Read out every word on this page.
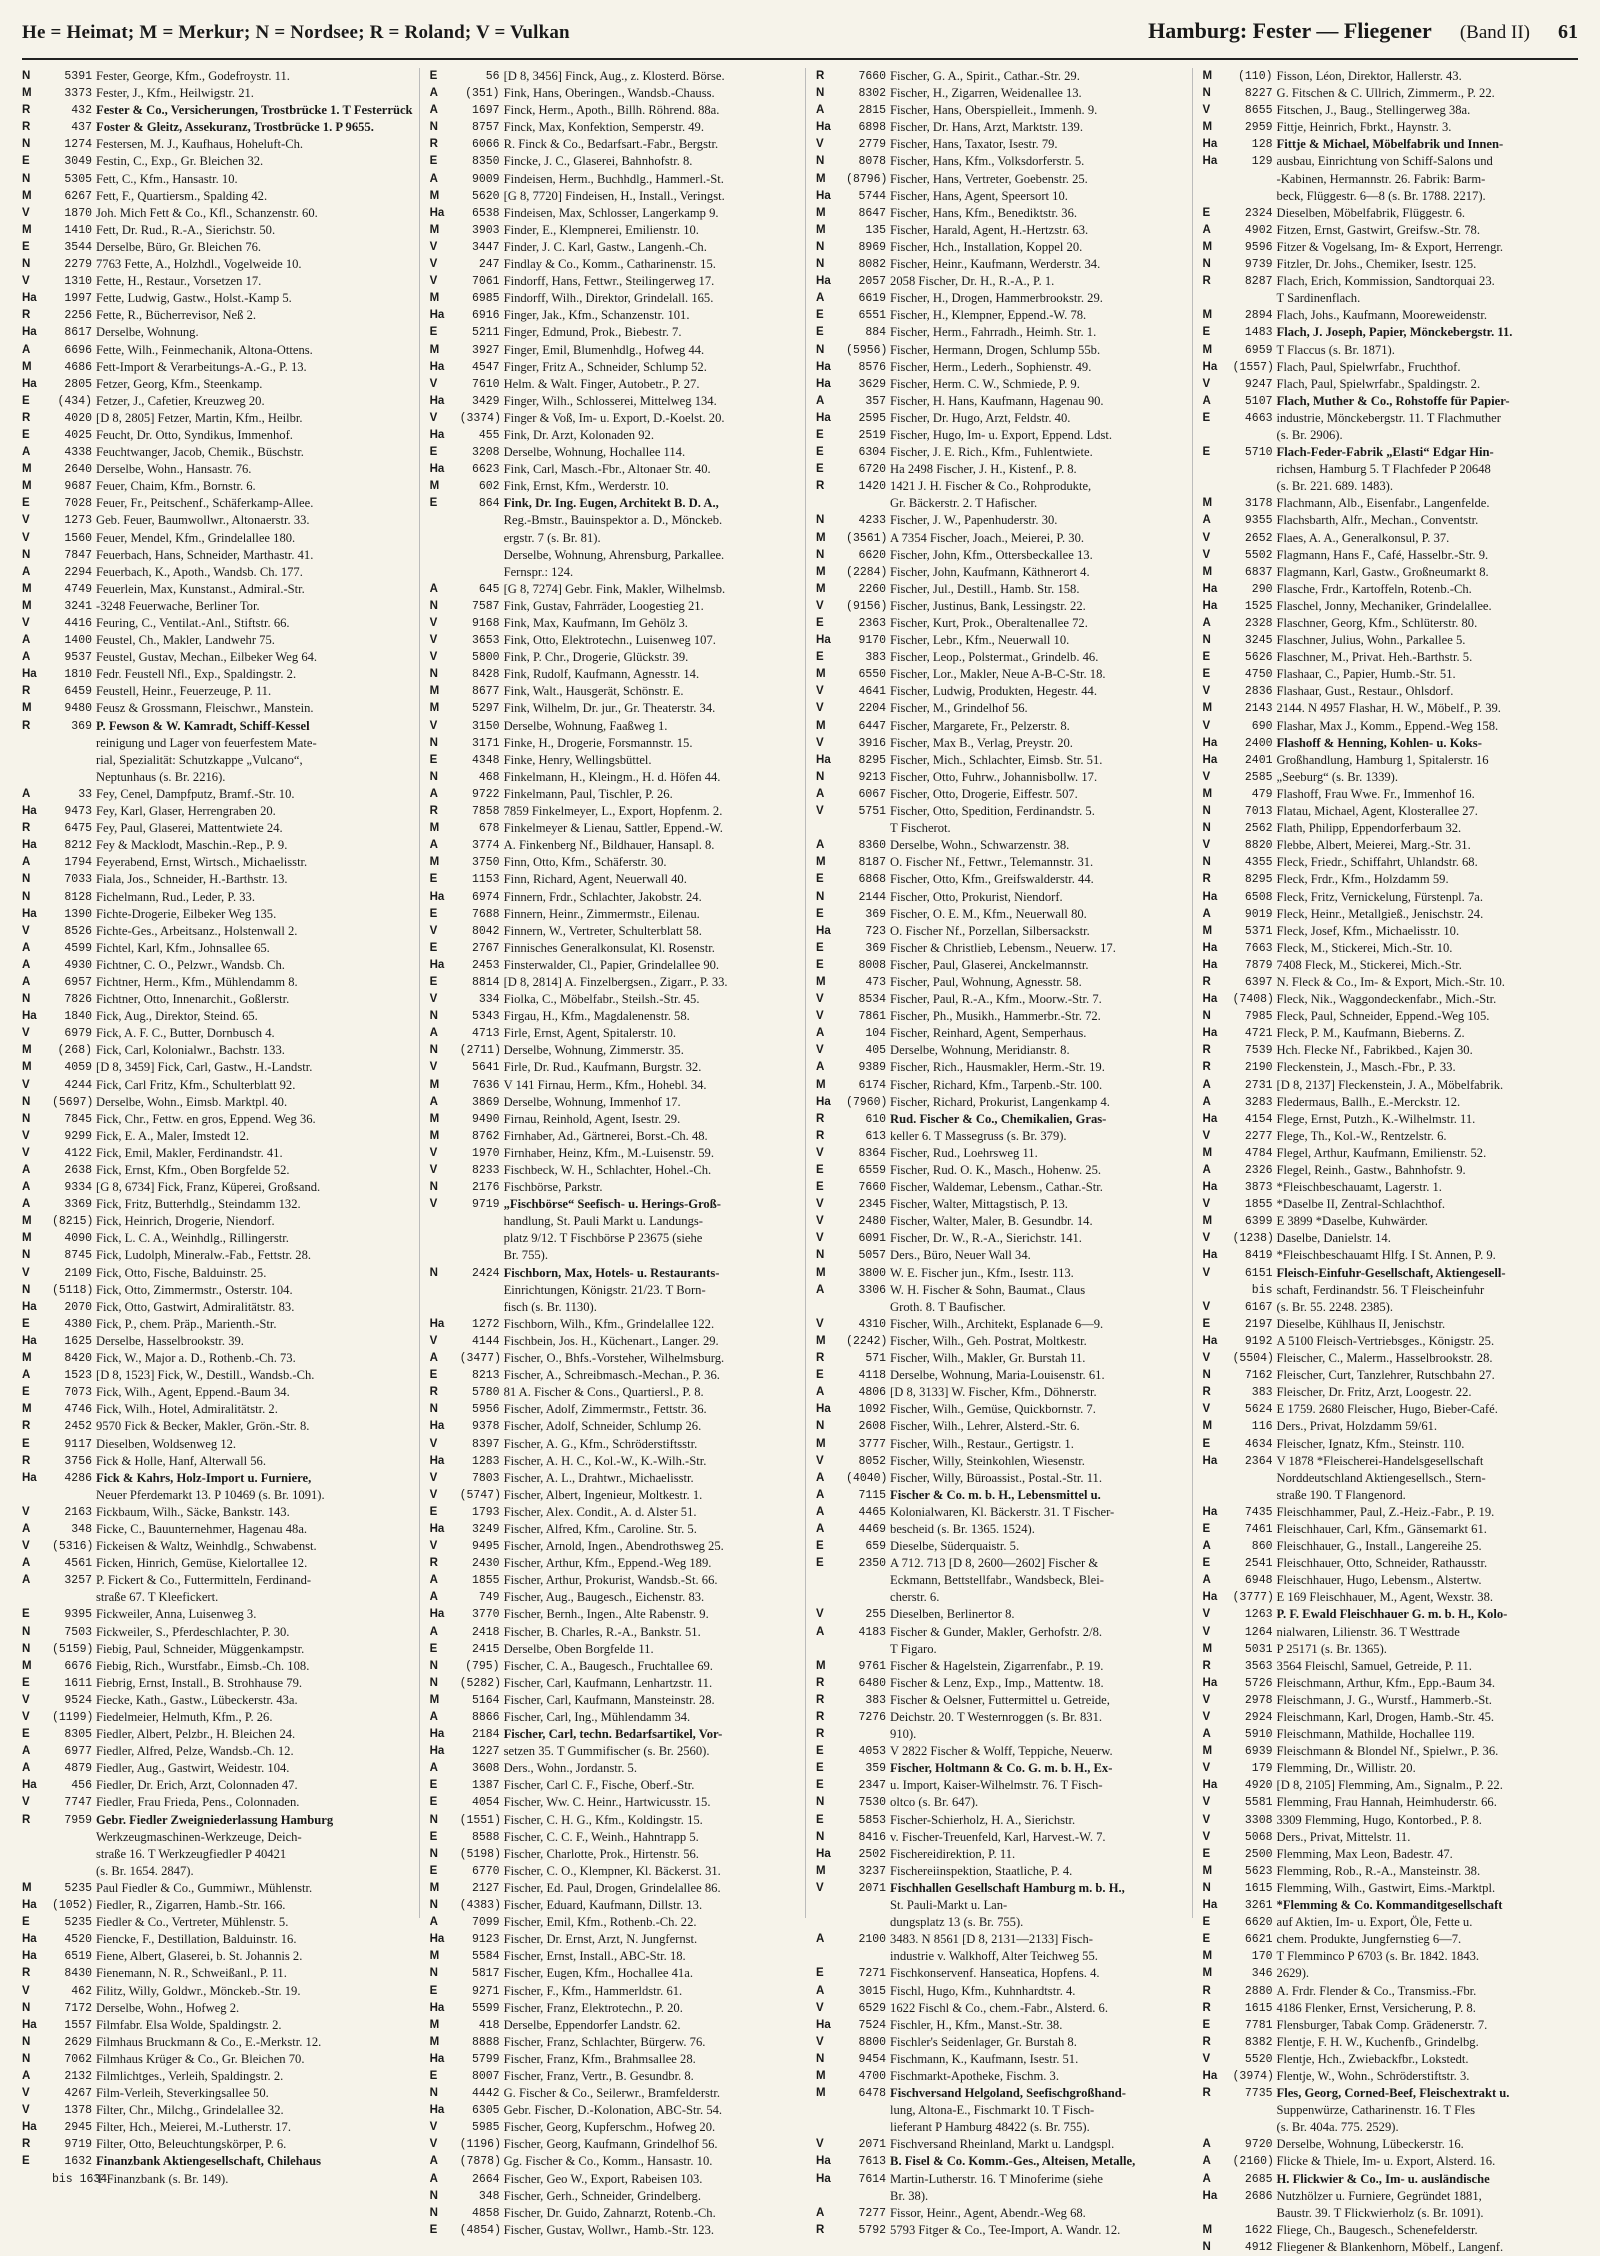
He = Heimat; M = Merkur; N = Nordsee; R = Roland; V = Vulkan	Hamburg: Fester — Fliegener (Band II) 61
N	5391 Fester, George, Kfm., Godefroystr. 11.
M	3373 Fester, J., Kfm., Heilwigstr. 21.
R	432 Fester & Co., Versicherungen, Trostbrücke 1. T Festerrück
R	437 Foster & Gleitz, Assekuranz, Trostbrücke 1. P 9655.
N	1274 Festersen, M. J., Kaufhaus, Hoheluft-Ch.
E	3049 Festin, C., Exp., Gr. Bleichen 32.
N	5305 Fett, C., Kfm., Hansastr. 10.
M	6267 Fett, F., Quartiersm., Spalding 42.
V	1870 Joh. Mich Fett & Co., Kfl., Schanzenstr. 60.
M	1410 Fett, Dr. Rud., R.-A., Sierichstr. 50.
E	3544 Derselbe, Büro, Gr. Bleichen 76.
N	2279 7763 Fette, A., Holzhdl., Vogelweide 10.
V	1310 Fette, H., Restaur., Vorsetzen 17.
Ha	1997 Fette, Ludwig, Gastw., Holst.-Kamp 5.
R	2256 Fette, R., Bücherrevisor, Neß 2.
Ha	8617 Derselbe, Wohnung.
A	6696 Fette, Wilh., Feinmechanik, Altona-Ottens.
M	4686 Fett-Import & Verarbeitungs-A.-G., P. 13.
Ha	2805 Fetzer, Georg, Kfm., Steenkamp.
E	(434) Fetzer, J., Cafetier, Kreuzweg 20.
R	4020 [D 8, 2805] Fetzer, Martin, Kfm., Heilbr.
E	4025 Feucht, Dr. Otto, Syndikus, Immenhof.
A	4338 Feuchtwanger, Jacob, Chemik., Büschstr.
M	2640 Derselbe, Wohn., Hansastr. 76.
M	9687 Feuer, Chaim, Kfm., Bornstr. 6.
E	7028 Feuer, Fr., Peitschenf., Schäferkamp-Allee.
V	1273 Geb. Feuer, Baumwollwr., Altonaerstr. 33.
V	1560 Feuer, Mendel, Kfm., Grindelallee 180.
N	7847 Feuerbach, Hans, Schneider, Marthastr. 41.
A	2294 Feuerbach, K., Apoth., Wandsb. Ch. 177.
M	4749 Feuerlein, Max, Kunstanst., Admiral.-Str.
M	3241 -3248 Feuerwache, Berliner Tor.
V	4416 Feuring, C., Ventilat.-Anl., Stiftstr. 66.
A	1400 Feustel, Ch., Makler, Landwehr 75.
A	9537 Feustel, Gustav, Mechan., Eilbeker Weg 64.
Ha	1810 Fedr. Feustell Nfl., Exp., Spaldingstr. 2.
R	6459 Feustell, Heinr., Feuerzeuge, P. 11.
M	9480 Feusz & Grossmann, Fleischwr., Manstein.
R	369 P. Fewson & W. Kamradt, Schiff-Kessel
reinigung und Lager von feuerfestem Mate-
rial, Spezialität: Schutzkappe „Vulcano“,
Neptunhaus (s. Br. 2216).
A	33 Fey, Cenel, Dampfputz, Bramf.-Str. 10.
Ha	9473 Fey, Karl, Glaser, Herrengraben 20.
R	6475 Fey, Paul, Glaserei, Mattentwiete 24.
Ha	8212 Fey & Macklodt, Maschin.-Rep., P. 9.
A	1794 Feyerabend, Ernst, Wirtsch., Michaelisstr.
N	7033 Fiala, Jos., Schneider, H.-Barthstr. 13.
N	8128 Fichelmann, Rud., Leder, P. 33.
Ha	1390 Fichte-Drogerie, Eilbeker Weg 135.
V	8526 Fichte-Ges., Arbeitsanz., Holstenwall 2.
A	4599 Fichtel, Karl, Kfm., Johnsallee 65.
A	4930 Fichtner, C. O., Pelzwr., Wandsb. Ch.
A	6957 Fichtner, Herm., Kfm., Mühlendamm 8.
N	7826 Fichtner, Otto, Innenarchit., Goßlerstr.
Ha	1840 Fick, Aug., Direktor, Steind. 65.
V	6979 Fick, A. F. C., Butter, Dornbusch 4.
M	(268) Fick, Carl, Kolonialwr., Bachstr. 133.
M	4059 [D 8, 3459] Fick, Carl, Gastw., H.-Landstr.
V	4244 Fick, Carl Fritz, Kfm., Schulterblatt 92.
N	(5697) Derselbe, Wohn., Eimsb. Marktpl. 40.
N	7845 Fick, Chr., Fettw. en gros, Eppend. Weg 36.
V	9299 Fick, E. A., Maler, Imstedt 12.
V	4122 Fick, Emil, Makler, Ferdinandstr. 41.
A	2638 Fick, Ernst, Kfm., Oben Borgfelde 52.
A	9334 [G 8, 6734] Fick, Franz, Küperei, Großsand.
A	3369 Fick, Fritz, Butterhdlg., Steindamm 132.
M	(8215) Fick, Heinrich, Drogerie, Niendorf.
M	4090 Fick, L. C. A., Weinhdlg., Rillingerstr.
N	8745 Fick, Ludolph, Mineralw.-Fab., Fettstr. 28.
V	2109 Fick, Otto, Fische, Balduinstr. 25.
N	(5118) Fick, Otto, Zimmermstr., Osterstr. 104.
Ha	2070 Fick, Otto, Gastwirt, Admiralitätstr. 83.
E	4380 Fick, P., chem. Präp., Marienth.-Str.
Ha	1625 Derselbe, Hasselbrookstr. 39.
M	8420 Fick, W., Major a. D., Rothenb.-Ch. 73.
A	1523 [D 8, 1523] Fick, W., Destill., Wandsb.-Ch.
E	7073 Fick, Wilh., Agent, Eppend.-Baum 34.
M	4746 Fick, Wilh., Hotel, Admiralitätstr. 2.
R	2452 9570 Fick & Becker, Makler, Grön.-Str. 8.
E	9117 Dieselben, Woldsenweg 12.
R	3756 Fick & Holle, Hanf, Alterwall 56.
Ha	4286 Fick & Kahrs, Holz-Import u. Furniere,
Neuer Pferdemarkt 13. P 10469 (s. Br. 1091).
V	2163 Fickbaum, Wilh., Säcke, Bankstr. 143.
A	348 Ficke, C., Bauunternehmer, Hagenau 48a.
V	(5316) Fickeisen & Waltz, Weinhdlg., Schwabenst.
A	4561 Ficken, Hinrich, Gemüse, Kielortallee 12.
A	3257 P. Fickert & Co., Futtermitteln, Ferdinand-
straße 67. T Kleefickert.
E	9395 Fickweiler, Anna, Luisenweg 3.
N	7503 Fickweiler, S., Pferdeschlachter, P. 30.
N	(5159) Fiebig, Paul, Schneider, Müggenkampstr.
M	6676 Fiebig, Rich., Wurstfabr., Eimsb.-Ch. 108.
E	1611 Fiebrig, Ernst, Install., B. Strohhause 79.
V	9524 Fiecke, Kath., Gastw., Lübeckerstr. 43a.
V	(1199) Fiedelmeier, Helmuth, Kfm., P. 26.
E	8305 Fiedler, Albert, Pelzbr., H. Bleichen 24.
A	6977 Fiedler, Alfred, Pelze, Wandsb.-Ch. 12.
A	4879 Fiedler, Aug., Gastwirt, Weidestr. 104.
Ha	456 Fiedler, Dr. Erich, Arzt, Colonnaden 47.
V	7747 Fiedler, Frau Frieda, Pens., Colonnaden.
R	7959 Gebr. Fiedler Zweigniederlassung Hamburg
Werkzeugmaschinen-Werkzeuge, Deich-
straße 16. T Werkzeugfiedler P 40421
(s. Br. 1654. 2847).
M	5235 Paul Fiedler & Co., Gummiwr., Mühlenstr.
Ha	(1052) Fiedler, R., Zigarren, Hamb.-Str. 166.
E	5235 Fiedler & Co., Vertreter, Mühlenstr. 5.
Ha	4520 Fiencke, F., Destillation, Balduinstr. 16.
Ha	6519 Fiene, Albert, Glaserei, b. St. Johannis 2.
R	8430 Fienemann, N. R., Schweißanl., P. 11.
V	462 Filitz, Willy, Goldwr., Mönckeb.-Str. 19.
N	7172 Derselbe, Wohn., Hofweg 2.
Ha	1557 Filmfabr. Elsa Wolde, Spaldingstr. 2.
N	2629 Filmhaus Bruckmann & Co., E.-Merkstr. 12.
N	7062 Filmhaus Krüger & Co., Gr. Bleichen 70.
A	2132 Filmlichtges., Verleih, Spaldingstr. 2.
V	4267 Film-Verleih, Steverkingsallee 50.
V	1378 Filter, Chr., Milchg., Grindelallee 32.
Ha	2945 Filter, Hch., Meierei, M.-Lutherstr. 17.
R	9719 Filter, Otto, Beleuchtungskörper, P. 6.
E	1632 Finanzbank Aktiengesellschaft, Chilehaus
bis 1634
T Finanzbank (s. Br. 149).
E	56 [D 8, 3456] Finck, Aug., z. Klosterd. Börse.
A	(351) Fink, Hans, Oberingen., Wandsb.-Chauss.
A	1697 Finck, Herm., Apoth., Billh. Röhrend. 88a.
N	8757 Finck, Max, Konfektion, Semperstr. 49.
R	6066 R. Finck & Co., Bedarfsart.-Fabr., Bergstr.
E	8350 Fincke, J. C., Glaserei, Bahnhofstr. 8.
A	9009 Findeisen, Herm., Buchhdlg., Hammerl.-St.
M	5620 [G 8, 7720] Findeisen, H., Install., Veringst.
Ha	6538 Findeisen, Max, Schlosser, Langerkamp 9.
M	3903 Finder, E., Klempnerei, Emilienstr. 10.
V	3447 Finder, J. C. Karl, Gastw., Langenh.-Ch.
V	247 Findlay & Co., Komm., Catharinenstr. 15.
V	7061 Findorff, Hans, Fettwr., Steilingerweg 17.
M	6985 Findorff, Wilh., Direktor, Grindelall. 165.
Ha	6916 Finger, Jak., Kfm., Schanzenstr. 101.
E	5211 Finger, Edmund, Prok., Biebestr. 7.
M	3927 Finger, Emil, Blumenhdlg., Hofweg 44.
Ha	4547 Finger, Fritz A., Schneider, Schlump 52.
V	7610 Helm. & Walt. Finger, Autobetr., P. 27.
Ha	3429 Finger, Wilh., Schlosserei, Mittelweg 134.
V	(3374) Finger & Voß, Im- u. Export, D.-Koelst. 20.
Ha	455 Fink, Dr. Arzt, Kolonaden 92.
E	3208 Derselbe, Wohnung, Hochallee 114.
Ha	6623 Fink, Carl, Masch.-Fbr., Altonaer Str. 40.
M	602 Fink, Ernst, Kfm., Werderstr. 10.
E	864 Fink, Dr. Ing. Eugen, Architekt B. D. A.,
Reg.-Bmstr., Bauinspektor a. D., Mönckeb.
ergstr. 7 (s. Br. 81).
Derselbe, Wohnung, Ahrensburg, Parkallee.
Fernspr.: 124.
A	645 [G 8, 7274] Gebr. Fink, Makler, Wilhelmsb.
N	7587 Fink, Gustav, Fahrräder, Loogestieg 21.
V	9168 Fink, Max, Kaufmann, Im Gehölz 3.
V	3653 Fink, Otto, Elektrotechn., Luisenweg 107.
V	5800 Fink, P. Chr., Drogerie, Glückstr. 39.
N	8428 Fink, Rudolf, Kaufmann, Agnesstr. 14.
M	8677 Fink, Walt., Hausgerät, Schönstr. E.
M	5297 Fink, Wilhelm, Dr. jur., Gr. Theaterstr. 34.
V	3150 Derselbe, Wohnung, Faaßweg 1.
N	3171 Finke, H., Drogerie, Forsmannstr. 15.
E	4348 Finke, Henry, Wellingsbüttel.
N	468 Finkelmann, H., Kleingm., H. d. Höfen 44.
A	9722 Finkelmann, Paul, Tischler, P. 26.
R	7858 7859 Finkelmeyer, L., Export, Hopfenm. 2.
M	678 Finkelmeyer & Lienau, Sattler, Eppend.-W.
A	3774 A. Finkenberg Nf., Bildhauer, Hansapl. 8.
M	3750 Finn, Otto, Kfm., Schäferstr. 30.
E	1153 Finn, Richard, Agent, Neuerwall 40.
Ha	6974 Finnern, Frdr., Schlachter, Jakobstr. 24.
E	7688 Finnern, Heinr., Zimmermstr., Eilenau.
V	8042 Finnern, W., Vertreter, Schulterblatt 58.
E	2767 Finnisches Generalkonsulat, Kl. Rosenstr.
Ha	2453 Finsterwalder, Cl., Papier, Grindelallee 90.
E	8814 [D 8, 2814] A. Finzelbergsen., Zigarr., P. 33.
V	334 Fiolka, C., Möbelfabr., Steilsh.-Str. 45.
N	5343 Firgau, H., Kfm., Magdalenenstr. 58.
A	4713 Firle, Ernst, Agent, Spitalerstr. 10.
N	(2711) Derselbe, Wohnung, Zimmerstr. 35.
V	5641 Firle, Dr. Rud., Kaufmann, Burgstr. 32.
M	7636 V 141 Firnau, Herm., Kfm., Hohebl. 34.
A	3869 Derselbe, Wohnung, Immenhof 17.
M	9490 Firnau, Reinhold, Agent, Isestr. 29.
M	8762 Firnhaber, Ad., Gärtnerei, Borst.-Ch. 48.
V	1970 Firnhaber, Heinz, Kfm., M.-Luisenstr. 59.
V	8233 Fischbeck, W. H., Schlachter, Hohel.-Ch.
N	2176 Fischbörse, Parkstr.
V	9719 „Fischbörse“ Seefisch- u. Herings-Groß-
handlung, St. Pauli Markt u. Landungs-
platz 9/12. T Fischbörse P 23675 (siehe
Br. 755).
N	2424 Fischborn, Max, Hotels- u. Restaurants-
Einrichtungen, Königstr. 21/23. T Born-
fisch (s. Br. 1130).
Ha	1272 Fischborn, Wilh., Kfm., Grindelallee 122.
V	4144 Fischbein, Jos. H., Küchenart., Langer. 29.
A	(3477) Fischer, O., Bhfs.-Vorsteher, Wilhelmsburg.
E	8213 Fischer, A., Schreibmasch.-Mechan., P. 36.
R	5780 81 A. Fischer & Cons., Quartiersl., P. 8.
N	5956 Fischer, Adolf, Zimmermstr., Fettstr. 36.
Ha	9378 Fischer, Adolf, Schneider, Schlump 26.
V	8397 Fischer, A. G., Kfm., Schröderstiftsstr.
Ha	1283 Fischer, A. H. C., Kol.-W., K.-Wilh.-Str.
V	7803 Fischer, A. L., Drahtwr., Michaelisstr.
V	(5747) Fischer, Albert, Ingenieur, Moltkestr. 1.
E	1793 Fischer, Alex. Condit., A. d. Alster 51.
Ha	3249 Fischer, Alfred, Kfm., Caroline. Str. 5.
V	9495 Fischer, Arnold, Ingen., Abendrothsweg 25.
R	2430 Fischer, Arthur, Kfm., Eppend.-Weg 189.
A	1855 Fischer, Arthur, Prokurist, Wandsb.-St. 66.
A	749 Fischer, Aug., Baugesch., Eichenstr. 83.
Ha	3770 Fischer, Bernh., Ingen., Alte Rabenstr. 9.
A	2418 Fischer, B. Charles, R.-A., Bankstr. 51.
E	2415 Derselbe, Oben Borgfelde 11.
N	(795) Fischer, C. A., Baugesch., Fruchtallee 69.
N	(5282) Fischer, Carl, Kaufmann, Lenhartzstr. 11.
M	5164 Fischer, Carl, Kaufmann, Mansteinstr. 28.
A	8866 Fischer, Carl, Ing., Mühlendamm 34.
Ha	2184 Fischer, Carl, techn. Bedarfsartikel, Vor-
Ha	1227 setzen 35. T Gummifischer (s. Br. 2560).
A	3608 Ders., Wohn., Jordanstr. 5.
E	1387 Fischer, Carl C. F., Fische, Oberf.-Str.
E	4054 Fischer, Ww. C. Heinr., Hartwicusstr. 15.
N	(1551) Fischer, C. H. G., Kfm., Koldingstr. 15.
E	8588 Fischer, C. C. F., Weinh., Hahntrapp 5.
N	(5198) Fischer, Charlotte, Prok., Hirtenstr. 56.
E	6770 Fischer, C. O., Klempner, Kl. Bäckerst. 31.
M	2127 Fischer, Ed. Paul, Drogen, Grindelallee 86.
N	(4383) Fischer, Eduard, Kaufmann, Dillstr. 13.
A	7099 Fischer, Emil, Kfm., Rothenb.-Ch. 22.
Ha	9123 Fischer, Dr. Ernst, Arzt, N. Jungfernst.
M	5584 Fischer, Ernst, Install., ABC-Str. 18.
N	5817 Fischer, Eugen, Kfm., Hochallee 41a.
E	9271 Fischer, F., Kfm., Hammerldstr. 61.
Ha	5599 Fischer, Franz, Elektrotechn., P. 20.
M	418 Derselbe, Eppendorfer Landstr. 62.
M	8888 Fischer, Franz, Schlachter, Bürgerw. 76.
Ha	5799 Fischer, Franz, Kfm., Brahmsallee 28.
E	8007 Fischer, Franz, Vertr., B. Gesundbr. 8.
N	4442 G. Fischer & Co., Seilerwr., Bramfelderstr.
Ha	6305 Gebr. Fischer, D.-Kolonation, ABC-Str. 54.
V	5985 Fischer, Georg, Kupferschm., Hofweg 20.
V	(1196) Fischer, Georg, Kaufmann, Grindelhof 56.
A	(7878) Gg. Fischer & Co., Komm., Hansastr. 10.
A	2664 Fischer, Geo W., Export, Rabeisen 103.
N	348 Fischer, Gerh., Schneider, Grindelberg.
N	4858 Fischer, Dr. Guido, Zahnarzt, Rotenb.-Ch.
E	(4854) Fischer, Gustav, Wollwr., Hamb.-Str. 123.
R	7660 Fischer, G. A., Spirit., Cathar.-Str. 29.
N	8302 Fischer, H., Zigarren, Weidenallee 13.
A	2815 Fischer, Hans, Oberspielleit., Immenh. 9.
Ha	6898 Fischer, Dr. Hans, Arzt, Marktstr. 139.
V	2779 Fischer, Hans, Taxator, Isestr. 79.
N	8078 Fischer, Hans, Kfm., Volksdorferstr. 5.
M	(8796) Fischer, Hans, Vertreter, Goebenstr. 25.
Ha	5744 Fischer, Hans, Agent, Speersort 10.
M	8647 Fischer, Hans, Kfm., Benediktstr. 36.
M	135 Fischer, Harald, Agent, H.-Hertzstr. 63.
N	8969 Fischer, Hch., Installation, Koppel 20.
N	8082 Fischer, Heinr., Kaufmann, Werderstr. 34.
Ha	2057 2058 Fischer, Dr. H., R.-A., P. 1.
A	6619 Fischer, H., Drogen, Hammerbrookstr. 29.
E	6551 Fischer, H., Klempner, Eppend.-W. 78.
E	884 Fischer, Herm., Fahrradh., Heimh. Str. 1.
N	(5956) Fischer, Hermann, Drogen, Schlump 55b.
Ha	8576 Fischer, Herm., Lederh., Sophienstr. 49.
Ha	3629 Fischer, Herm. C. W., Schmiede, P. 9.
A	357 Fischer, H. Hans, Kaufmann, Hagenau 90.
Ha	2595 Fischer, Dr. Hugo, Arzt, Feldstr. 40.
E	2519 Fischer, Hugo, Im- u. Export, Eppend. Ldst.
E	6304 Fischer, J. E. Rich., Kfm., Fuhlentwiete.
E	6720 Ha 2498 Fischer, J. H., Kistenf., P. 8.
R	1420 1421 J. H. Fischer & Co., Rohprodukte,
Gr. Bäckerstr. 2. T Hafischer.
N	4233 Fischer, J. W., Papenhuderstr. 30.
M	(3561) A 7354 Fischer, Joach., Meierei, P. 30.
N	6620 Fischer, John, Kfm., Ottersbeckallee 13.
M	(2284) Fischer, John, Kaufmann, Käthnerort 4.
M	2260 Fischer, Jul., Destill., Hamb. Str. 158.
V	(9156) Fischer, Justinus, Bank, Lessingstr. 22.
E	2363 Fischer, Kurt, Prok., Oberaltenallee 72.
Ha	9170 Fischer, Lebr., Kfm., Neuerwall 10.
E	383 Fischer, Leop., Polstermat., Grindelb. 46.
M	6550 Fischer, Lor., Makler, Neue A-B-C-Str. 18.
V	4641 Fischer, Ludwig, Produkten, Hegestr. 44.
V	2204 Fischer, M., Grindelhof 56.
M	6447 Fischer, Margarete, Fr., Pelzerstr. 8.
V	3916 Fischer, Max B., Verlag, Preystr. 20.
Ha	8295 Fischer, Mich., Schlachter, Eimsb. Str. 51.
N	9213 Fischer, Otto, Fuhrw., Johannisbollw. 17.
A	6067 Fischer, Otto, Drogerie, Eiffestr. 507.
V	5751 Fischer, Otto, Spedition, Ferdinandstr. 5.
T Fischerot.
A	8360 Derselbe, Wohn., Schwarzenstr. 38.
M	8187 O. Fischer Nf., Fettwr., Telemannstr. 31.
E	6868 Fischer, Otto, Kfm., Greifswalderstr. 44.
N	2144 Fischer, Otto, Prokurist, Niendorf.
E	369 Fischer, O. E. M., Kfm., Neuerwall 80.
Ha	723 O. Fischer Nf., Porzellan, Silbersackstr.
E	369 Fischer & Christlieb, Lebensm., Neuerw. 17.
E	8008 Fischer, Paul, Glaserei, Anckelmannstr.
M	473 Fischer, Paul, Wohnung, Agnesstr. 58.
V	8534 Fischer, Paul, R.-A., Kfm., Moorw.-Str. 7.
V	7861 Fischer, Ph., Musikh., Hammerbr.-Str. 72.
A	104 Fischer, Reinhard, Agent, Semperhaus.
V	405 Derselbe, Wohnung, Meridianstr. 8.
A	9389 Fischer, Rich., Hausmakler, Herm.-Str. 19.
M	6174 Fischer, Richard, Kfm., Tarpenb.-Str. 100.
Ha	(7960) Fischer, Richard, Prokurist, Langenkamp 4.
R	610 Rud. Fischer & Co., Chemikalien, Gras-
R	613 keller 6. T Massegruss (s. Br. 379).
V	8364 Fischer, Rud., Loehrsweg 11.
E	6559 Fischer, Rud. O. K., Masch., Hohenw. 25.
E	7660 Fischer, Waldemar, Lebensm., Cathar.-Str.
V	2345 Fischer, Walter, Mittagstisch, P. 13.
V	2480 Fischer, Walter, Maler, B. Gesundbr. 14.
V	6091 Fischer, Dr. W., R.-A., Sierichstr. 141.
N	5057 Ders., Büro, Neuer Wall 34.
M	3800 W. E. Fischer jun., Kfm., Isestr. 113.
A	3306 W. H. Fischer & Sohn, Baumat., Claus
Groth. 8. T Baufischer.
V	4310 Fischer, Wilh., Architekt, Esplanade 6—9.
M	(2242) Fischer, Wilh., Geh. Postrat, Moltkestr.
R	571 Fischer, Wilh., Makler, Gr. Burstah 11.
E	4118 Derselbe, Wohnung, Maria-Louisenstr. 61.
A	4806 [D 8, 3133] W. Fischer, Kfm., Döhnerstr.
Ha	1092 Fischer, Wilh., Gemüse, Quickbornstr. 7.
N	2608 Fischer, Wilh., Lehrer, Alsterd.-Str. 6.
M	3777 Fischer, Wilh., Restaur., Gertigstr. 1.
V	8052 Fischer, Willy, Steinkohlen, Wiesenstr.
A	(4040) Fischer, Willy, Büroassist., Postal.-Str. 11.
A	7115 Fischer & Co. m. b. H., Lebensmittel u.
A	4465 Kolonialwaren, Kl. Bäckerstr. 31. T Fischer-
A	4469 bescheid (s. Br. 1365. 1524).
E	659 Dieselbe, Süderquaistr. 5.
E	2350 A 712. 713 [D 8, 2600—2602] Fischer &
Eckmann, Bettstellfabr., Wandsbeck, Blei-
cherstr. 6.
V	255 Dieselben, Berlinertor 8.
A	4183 Fischer & Gunder, Makler, Gerhofstr. 2/8.
T Figaro.
M	9761 Fischer & Hagelstein, Zigarrenfabr., P. 19.
R	6480 Fischer & Lenz, Exp., Imp., Mattentw. 18.
R	383 Fischer & Oelsner, Futtermittel u. Getreide,
R	7276 Deichstr. 20. T Westernroggen (s. Br. 831.
R	910).
E	4053 V 2822 Fischer & Wolff, Teppiche, Neuerw.
E	359 Fischer, Holtmann & Co. G. m. b. H., Ex-
E	2347 u. Import, Kaiser-Wilhelmstr. 76. T Fisch-
N	7530 oltco (s. Br. 647).
E	5853 Fischer-Schierholz, H. A., Sierichstr.
N	8416 v. Fischer-Treuenfeld, Karl, Harvest.-W. 7.
Ha	2502 Fischereidirektion, P. 11.
M	3237 Fischereiinspektion, Staatliche, P. 4.
V	2071 Fischhallen Gesellschaft Hamburg m. b. H.,
St. Pauli-Markt u. Lan-
dungsplatz 13 (s. Br. 755).
A	2100 3483. N 8561 [D 8, 2131—2133] Fisch-
industrie v. Walkhoff, Alter Teichweg 55.
E	7271 Fischkonservenf. Hanseatica, Hopfens. 4.
A	3015 Fischl, Hugo, Kfm., Kuhnhardtstr. 4.
V	6529 1622 Fischl & Co., chem.-Fabr., Alsterd. 6.
Ha	7524 Fischler, H., Kfm., Manst.-Str. 38.
V	8800 Fischler's Seidenlager, Gr. Burstah 8.
N	9454 Fischmann, K., Kaufmann, Isestr. 51.
M	4700 Fischmarkt-Apotheke, Fischm. 3.
M	6478 Fischversand Helgoland, Seefischgroßhand-
lung, Altona-E., Fischmarkt 10. T Fisch-
lieferant P Hamburg 48422 (s. Br. 755).
V	2071 Fischversand Rheinland, Markt u. Landgspl.
Ha	7613 B. Fisel & Co. Komm.-Ges., Alteisen, Metalle,
Ha	7614 Martin-Lutherstr. 16. T Minoferime (siehe
Br. 38).
A	7277 Fissor, Heinr., Agent, Abendr.-Weg 68.
R	5792 5793 Fitger & Co., Tee-Import, A. Wandr. 12.
M	(110) Fisson, Léon, Direktor, Hallerstr. 43.
N	8227 G. Fitschen & C. Ullrich, Zimmerm., P. 22.
V	8655 Fitschen, J., Baug., Stellingerweg 38a.
M	2959 Fittje, Heinrich, Fbrkt., Haynstr. 3.
Ha	128 Fittje & Michael, Möbelfabrik und Innen-
Ha	129 ausbau, Einrichtung von Schiff-Salons und
-Kabinen, Hermannstr. 26. Fabrik: Barm-
beck, Flüggestr. 6—8 (s. Br. 1788. 2217).
E	2324 Dieselben, Möbelfabrik, Flüggestr. 6.
A	4902 Fitzen, Ernst, Gastwirt, Greifsw.-Str. 78.
M	9596 Fitzer & Vogelsang, Im- & Export, Herrengr.
N	9739 Fitzler, Dr. Johs., Chemiker, Isestr. 125.
R	8287 Flach, Erich, Kommission, Sandtorquai 23.
T Sardinenflach.
M	2894 Flach, Johs., Kaufmann, Mooreweidenstr.
E	1483 Flach, J. Joseph, Papier, Mönckebergstr. 11.
M	6959 T Flaccus (s. Br. 1871).
Ha	(1557) Flach, Paul, Spielwrfabr., Fruchthof.
V	9247 Flach, Paul, Spielwrfabr., Spaldingstr. 2.
A	5107 Flach, Muther & Co., Rohstoffe für Papier-
E	4663 industrie, Mönckebergstr. 11. T Flachmuther
(s. Br. 2906).
E	5710 Flach-Feder-Fabrik „Elasti“ Edgar Hin-
richsen, Hamburg 5. T Flachfeder P 20648
(s. Br. 221. 689. 1483).
M	3178 Flachmann, Alb., Eisenfabr., Langenfelde.
A	9355 Flachsbarth, Alfr., Mechan., Conventstr.
V	2652 Flaes, A. A., Generalkonsul, P. 37.
V	5502 Flagmann, Hans F., Café, Hasselbr.-Str. 9.
M	6837 Flagmann, Karl, Gastw., Großneumarkt 8.
Ha	290 Flasche, Frdr., Kartoffeln, Rotenb.-Ch.
Ha	1525 Flaschel, Jonny, Mechaniker, Grindelallee.
A	2328 Flaschner, Georg, Kfm., Schlüterstr. 80.
N	3245 Flaschner, Julius, Wohn., Parkallee 5.
E	5626 Flaschner, M., Privat. Heh.-Barthstr. 5.
E	4750 Flashaar, C., Papier, Humb.-Str. 51.
V	2836 Flashaar, Gust., Restaur., Ohlsdorf.
M	2143 2144. N 4957 Flashar, H. W., Möbelf., P. 39.
V	690 Flashar, Max J., Komm., Eppend.-Weg 158.
Ha	2400 Flashoff & Henning, Kohlen- u. Koks-
Ha	2401 Großhandlung, Hamburg 1, Spitalerstr. 16
V	2585 „Seeburg“ (s. Br. 1339).
M	479 Flashoff, Frau Wwe. Fr., Immenhof 16.
N	7013 Flatau, Michael, Agent, Klosterallee 27.
N	2562 Flath, Philipp, Eppendorferbaum 32.
V	8820 Flebbe, Albert, Meierei, Marg.-Str. 31.
N	4355 Fleck, Friedr., Schiffahrt, Uhlandstr. 68.
R	8295 Fleck, Frdr., Kfm., Holzdamm 59.
Ha	6508 Fleck, Fritz, Vernickelung, Fürstenpl. 7a.
A	9019 Fleck, Heinr., Metallgieß., Jenischstr. 24.
M	5371 Fleck, Josef, Kfm., Michaelisstr. 10.
Ha	7663 Fleck, M., Stickerei, Mich.-Str. 10.
Ha	7879 7408 Fleck, M., Stickerei, Mich.-Str.
R	6397 N. Fleck & Co., Im- & Export, Mich.-Str. 10.
Ha	(7408) Fleck, Nik., Waggondeckenfabr., Mich.-Str.
N	7985 Fleck, Paul, Schneider, Eppend.-Weg 105.
Ha	4721 Fleck, P. M., Kaufmann, Bieberns. Z.
R	7539 Hch. Flecke Nf., Fabrikbed., Kajen 30.
R	2190 Fleckenstein, J., Masch.-Fbr., P. 33.
A	2731 [D 8, 2137] Fleckenstein, J. A., Möbelfabrik.
A	3283 Fledermaus, Ballh., E.-Merckstr. 12.
Ha	4154 Flege, Ernst, Putzh., K.-Wilhelmstr. 11.
V	2277 Flege, Th., Kol.-W., Rentzelstr. 6.
M	4784 Flegel, Arthur, Kaufmann, Emilienstr. 52.
A	2326 Flegel, Reinh., Gastw., Bahnhofstr. 9.
Ha	3873 *Fleischbeschauamt, Lagerstr. 1.
V	1855 *Daselbe II, Zentral-Schlachthof.
M	6399 E 3899 *Daselbe, Kuhwärder.
V	(1238) Daselbe, Danielstr. 14.
Ha	8419 *Fleischbeschauamt Hlfg. I St. Annen, P. 9.
V	6151 Fleisch-Einfuhr-Gesellschaft, Aktiengesell-
bis schaft, Ferdinandstr. 56. T Fleischeinfuhr
V	6167 (s. Br. 55. 2248. 2385).
E	2197 Dieselbe, Kühlhaus II, Jenischstr.
Ha	9192 A 5100 Fleisch-Vertriebsges., Königstr. 25.
V	(5504) Fleischer, C., Malerm., Hasselbrookstr. 28.
N	7162 Fleischer, Curt, Tanzlehrer, Rutschbahn 27.
R	383 Fleischer, Dr. Fritz, Arzt, Loogestr. 22.
V	5624 E 1759. 2680 Fleischer, Hugo, Bieber-Café.
M	116 Ders., Privat, Holzdamm 59/61.
E	4634 Fleischer, Ignatz, Kfm., Steinstr. 110.
Ha	2364 V 1878 *Fleischerei-Handelsgesellschaft
Norddeutschland Aktiengesellsch., Stern-
straße 190. T Flangenord.
Ha	7435 Fleischhammer, Paul, Z.-Heiz.-Fabr., P. 19.
E	7461 Fleischhauer, Carl, Kfm., Gänsemarkt 61.
A	860 Fleischhauer, G., Install., Langereihe 25.
E	2541 Fleischhauer, Otto, Schneider, Rathausstr.
A	6948 Fleischhauer, Hugo, Lebensm., Alstertw.
Ha	(3777) E 169 Fleischhauer, M., Agent, Wexstr. 38.
V	1263 P. F. Ewald Fleischhauer G. m. b. H., Kolo-
V	1264 nialwaren, Lilienstr. 36. T Westtrade
M	5031 P 25171 (s. Br. 1365).
R	3563 3564 Fleischl, Samuel, Getreide, P. 11.
Ha	5726 Fleischmann, Arthur, Kfm., Epp.-Baum 34.
V	2978 Fleischmann, J. G., Wurstf., Hammerb.-St.
V	2924 Fleischmann, Karl, Drogen, Hamb.-Str. 45.
A	5910 Fleischmann, Mathilde, Hochallee 119.
M	6939 Fleischmann & Blondel Nf., Spielwr., P. 36.
V	179 Flemming, Dr., Willistr. 20.
Ha	4920 [D 8, 2105] Flemming, Am., Signalm., P. 22.
V	5581 Flemming, Frau Hannah, Heimhuderstr. 66.
V	3308 3309 Flemming, Hugo, Kontorbed., P. 8.
V	5068 Ders., Privat, Mittelstr. 11.
E	2500 Flemming, Max Leon, Badestr. 47.
M	5623 Flemming, Rob., R.-A., Mansteinstr. 38.
N	1615 Flemming, Wilh., Gastwirt, Eims.-Marktpl.
Ha	3261 *Flemming & Co. Kommanditgesellschaft
E	6620 auf Aktien, Im- u. Export, Öle, Fette u.
E	6621 chem. Produkte, Jungfernstieg 6—7.
M	170 T Flemminco P 6703 (s. Br. 1842. 1843.
M	346 2629).
R	2880 A. Frdr. Flender & Co., Transmiss.-Fbr.
R	1615 4186 Flenker, Ernst, Versicherung, P. 8.
E	7781 Flensburger, Tabak Comp. Grädenerstr. 7.
R	8382 Flentje, F. H. W., Kuchenfb., Grindelbg.
V	5520 Flentje, Hch., Zwiebackfbr., Lokstedt.
Ha	(3974) Flentje, W., Wohn., Schröderstiftstr. 3.
R	7735 Fles, Georg, Corned-Beef, Fleischextrakt u.
Suppenwürze, Catharinenstr. 16. T Fles
(s. Br. 404a. 775. 2529).
A	9720 Derselbe, Wohnung, Lübeckerstr. 16.
A	(2160) Flicke & Thiele, Im- u. Export, Alsterd. 16.
A	2685 H. Flickwier & Co., Im- u. ausländische
Ha	2686 Nutzhölzer u. Furniere, Gegründet 1881,
Baustr. 39. T Flickwierholz (s. Br. 1091).
M	1622 Fliege, Ch., Baugesch., Schenefelderstr.
N	4912 Fliegener & Blankenhorn, Möbelf., Langenf.
